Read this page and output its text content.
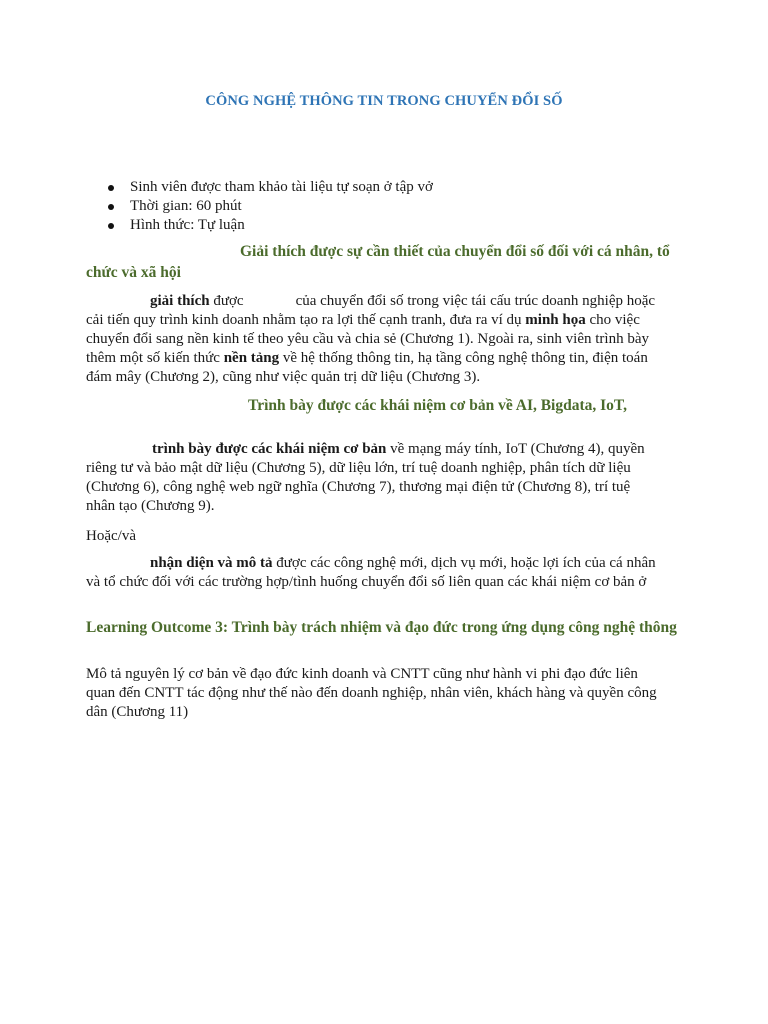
CÔNG NGHỆ THÔNG TIN TRONG CHUYỂN ĐỔI SỐ
Sinh viên được tham khảo tài liệu tự soạn ở tập vở
Thời gian: 60 phút
Hình thức: Tự luận
Giải thích được sự cần thiết của chuyển đổi số đối với cá nhân, tổ
chức và xã hội
giải thích được	của chuyển đổi số trong việc tái cấu trúc doanh nghiệp hoặc
cải tiến quy trình kinh doanh nhằm tạo ra lợi thế cạnh tranh, đưa ra ví dụ minh họa cho việc
chuyển đổi sang nền kinh tế theo yêu cầu và chia sẻ (Chương 1). Ngoài ra, sinh viên trình bày
thêm một số kiến thức nền tảng về hệ thống thông tin, hạ tầng công nghệ thông tin, điện toán
đám mây (Chương 2), cũng như việc quản trị dữ liệu (Chương 3).
Trình bày được các khái niệm cơ bản về AI, Bigdata, IoT,
trình bày được các khái niệm cơ bản về mạng máy tính, IoT (Chương 4), quyền
riêng tư và bảo mật dữ liệu (Chương 5), dữ liệu lớn, trí tuệ doanh nghiệp, phân tích dữ liệu
(Chương 6), công nghệ web ngữ nghĩa (Chương 7), thương mại điện tử (Chương 8), trí tuệ
nhân tạo (Chương 9).
Hoặc/và
nhận diện và mô tả được các công nghệ mới, dịch vụ mới, hoặc lợi ích của cá nhân
và tổ chức đối với các trường hợp/tình huống chuyển đổi số liên quan các khái niệm cơ bản ở
Learning Outcome 3: Trình bày trách nhiệm và đạo đức trong ứng dụng công nghệ thông
Mô tả nguyên lý cơ bản về đạo đức kinh doanh và CNTT cũng như hành vi phi đạo đức liên
quan đến CNTT tác động như thế nào đến doanh nghiệp, nhân viên, khách hàng và quyền công
dân (Chương 11)
